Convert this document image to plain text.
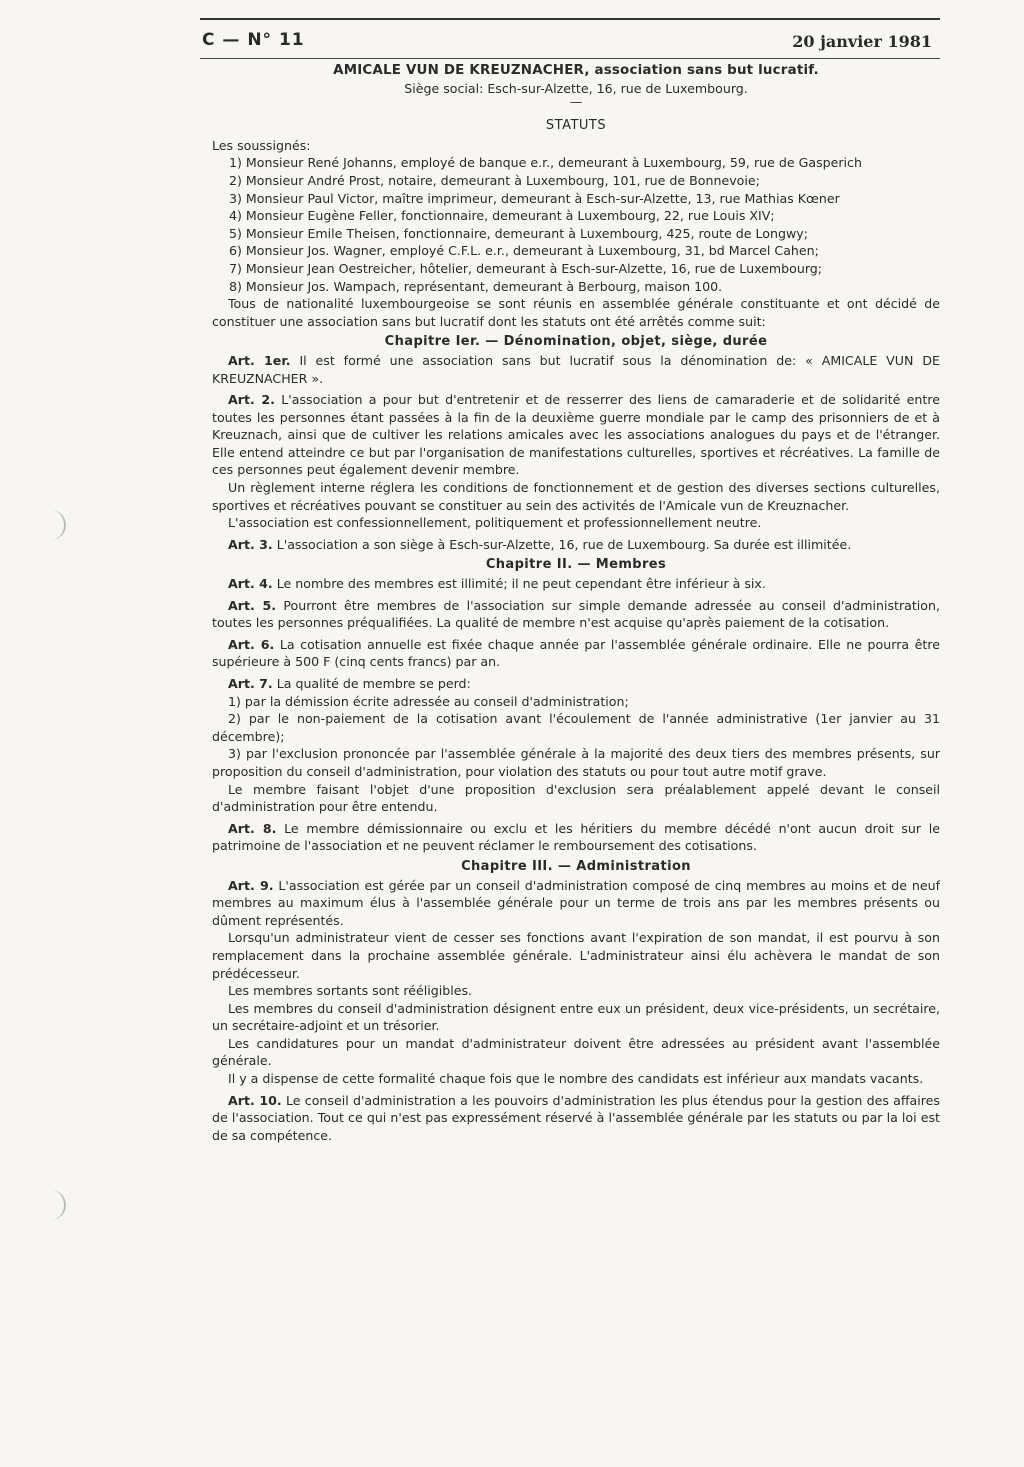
C — N° 11	20 janvier 1981
AMICALE VUN DE KREUZNACHER, association sans but lucratif.
Siège social: Esch-sur-Alzette, 16, rue de Luxembourg.
—
STATUTS

Les soussignés:

1) Monsieur René Johanns, employé de banque e.r., demeurant à Luxembourg, 59, rue de Gasperich

2) Monsieur André Prost, notaire, demeurant à Luxembourg, 101, rue de Bonnevoie;

3) Monsieur Paul Victor, maître imprimeur, demeurant à Esch-sur-Alzette, 13, rue Mathias Kœner

4) Monsieur Eugène Feller, fonctionnaire, demeurant à Luxembourg, 22, rue Louis XIV;

5) Monsieur Emile Theisen, fonctionnaire, demeurant à Luxembourg, 425, route de Longwy;

6) Monsieur Jos. Wagner, employé C.F.L. e.r., demeurant à Luxembourg, 31, bd Marcel Cahen;

7) Monsieur Jean Oestreicher, hôtelier, demeurant à Esch-sur-Alzette, 16, rue de Luxembourg;

8) Monsieur Jos. Wampach, représentant, demeurant à Berbourg, maison 100.

Tous de nationalité luxembourgeoise se sont réunis en assemblée générale constituante et ont décidé de constituer une association sans but lucratif dont les statuts ont été arrêtés comme suit:

Chapitre Ier. — Dénomination, objet, siège, durée

Art. 1er. Il est formé une association sans but lucratif sous la dénomination de: « AMICALE VUN DE KREUZNACHER ».

Art. 2. L'association a pour but d'entretenir et de resserrer des liens de camaraderie et de solidarité entre toutes les personnes étant passées à la fin de la deuxième guerre mondiale par le camp des prisonniers de et à Kreuznach, ainsi que de cultiver les relations amicales avec les associations analogues du pays et de l'étranger. Elle entend atteindre ce but par l'organisation de manifestations culturelles, sportives et récréatives. La famille de ces personnes peut également devenir membre.

Un règlement interne réglera les conditions de fonctionnement et de gestion des diverses sections culturelles, sportives et récréatives pouvant se constituer au sein des activités de l'Amicale vun de Kreuznacher.

L'association est confessionnellement, politiquement et professionnellement neutre.

Art. 3. L'association a son siège à Esch-sur-Alzette, 16, rue de Luxembourg. Sa durée est illimitée.

Chapitre II. — Membres

Art. 4. Le nombre des membres est illimité; il ne peut cependant être inférieur à six.

Art. 5. Pourront être membres de l'association sur simple demande adressée au conseil d'administration, toutes les personnes préqualifiées. La qualité de membre n'est acquise qu'après paiement de la cotisation.

Art. 6. La cotisation annuelle est fixée chaque année par l'assemblée générale ordinaire. Elle ne pourra être supérieure à 500 F (cinq cents francs) par an.

Art. 7. La qualité de membre se perd:

1) par la démission écrite adressée au conseil d'administration;

2) par le non-paiement de la cotisation avant l'écoulement de l'année administrative (1er janvier au 31 décembre);

3) par l'exclusion prononcée par l'assemblée générale à la majorité des deux tiers des membres présents, sur proposition du conseil d'administration, pour violation des statuts ou pour tout autre motif grave.

Le membre faisant l'objet d'une proposition d'exclusion sera préalablement appelé devant le conseil d'administration pour être entendu.

Art. 8. Le membre démissionnaire ou exclu et les héritiers du membre décédé n'ont aucun droit sur le patrimoine de l'association et ne peuvent réclamer le remboursement des cotisations.

Chapitre III. — Administration

Art. 9. L'association est gérée par un conseil d'administration composé de cinq membres au moins et de neuf membres au maximum élus à l'assemblée générale pour un terme de trois ans par les membres présents ou dûment représentés.

Lorsqu'un administrateur vient de cesser ses fonctions avant l'expiration de son mandat, il est pourvu à son remplacement dans la prochaine assemblée générale. L'administrateur ainsi élu achèvera le mandat de son prédécesseur.

Les membres sortants sont rééligibles.

Les membres du conseil d'administration désignent entre eux un président, deux vice-présidents, un secrétaire, un secrétaire-adjoint et un trésorier.

Les candidatures pour un mandat d'administrateur doivent être adressées au président avant l'assemblée générale.

Il y a dispense de cette formalité chaque fois que le nombre des candidats est inférieur aux mandats vacants.

Art. 10. Le conseil d'administration a les pouvoirs d'administration les plus étendus pour la gestion des affaires de l'association. Tout ce qui n'est pas expressément réservé à l'assemblée générale par les statuts ou par la loi est de sa compétence.
